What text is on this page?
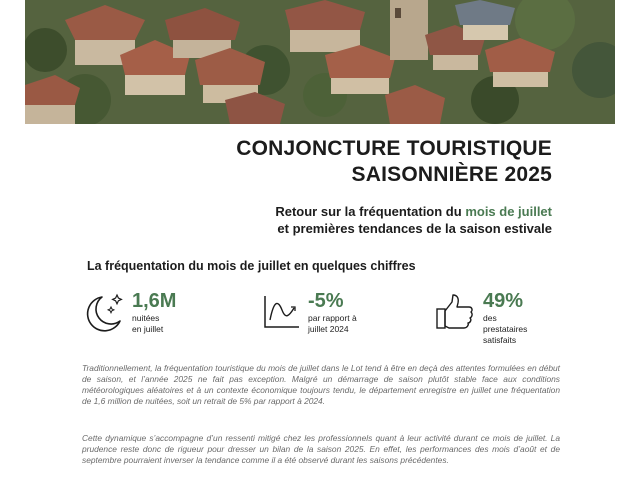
CONJONCTURE TOURISTIQUE
SAISONNIÈRE 2025
Retour sur la fréquentation du mois de juillet
et premières tendances de la saison estivale
La fréquentation du mois de juillet en quelques chiffres
1,6M
nuitées
en juillet
-5%
par rapport à
juillet 2024
49%
des
prestataires
satisfaits
Traditionnellement, la fréquentation touristique du mois de juillet dans le Lot tend à être en deçà des attentes formulées en début de saison, et l’année 2025 ne fait pas exception. Malgré un démarrage de saison plutôt stable face aux conditions météorologiques aléatoires et à un contexte économique toujours tendu, le département enregistre en juillet une fréquentation de 1,6 million de nuitées, soit un retrait de 5% par rapport à 2024.
Cette dynamique s’accompagne d’un ressenti mitigé chez les professionnels quant à leur activité durant ce mois de juillet. La prudence reste donc de rigueur pour dresser un bilan de la saison 2025. En effet, les performances des mois d’août et de septembre pourraient inverser la tendance comme il a été observé durant les saisons précédentes.
